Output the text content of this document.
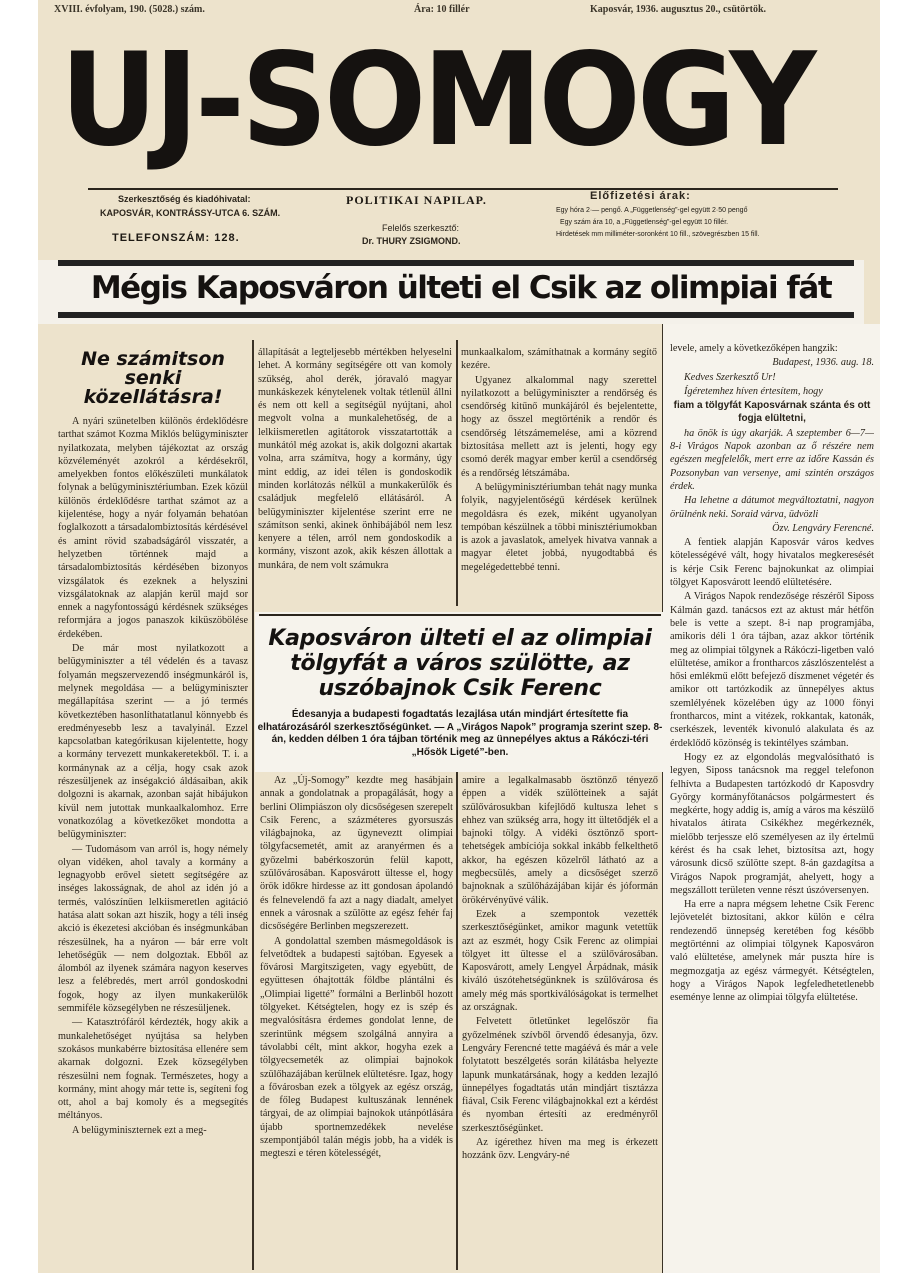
XVIII. évfolyam, 190. (5028.) szám.	Ára: 10 fillér	Kaposvár, 1936. augusztus 20., csütörtök.
UJ-SOMOGY
Szerkesztőség és kiadóhivatal:
KAPOSVÁR, KONTRÁSSY-UTCA 6. SZÁM.
TELEFONSZÁM: 128.
POLITIKAI NAPILAP.
Felelős szerkesztő:
Dr. THURY ZSIGMOND.
Előfizetési árak:
Egy hóra 2·— pengő. A „Függetlenség”-gel együtt 2·50 pengő
Egy szám ára 10, a „Függetlenség”-gel együtt 10 fillér.
Hirdetések mm milliméter-soronként 10 fill., szövegrészben 15 fill.
Mégis Kaposváron ülteti el Csik az olimpiai fát
Ne számitson senki közellátásra!

A nyári szünetelben különös érdeklődésre tarthat számot Kozma Miklós belügyminiszter nyilatkozata, melyben tájékoztat az ország közvéleményét azokról a kérdésekről, amelyekben fontos előkészületi munkálatok folynak a belügyminisztériumban. Ezek közül különös érdeklődésre tarthat számot az a kijelentése, hogy a nyár folyamán behatóan foglalkozott a társadalombiztosítás kérdésével és amint rövid szabadságáról visszatér, a helyzetben történnek majd a társadalombiztosítás kérdésében bizonyos vizsgálatok és ezeknek a helyszini vizsgálatoknak az alapján kerül majd sor ennek a nagyfontosságú kérdésnek szükséges reformjára a jogos panaszok kiküszöbölése érdekében.

De már most nyilatkozott a belügyminiszter a tél védelén és a tavasz folyamán megszervezendő inségmunkáról is, melynek megoldása — a belügyminiszter megállapítása szerint — a jó termés következtében hasonlíthatatlanul könnyebb és eredményesebb lesz a tavalyinál. Ezzel kapcsolatban kategórikusan kijelentette, hogy a kormány tervezett munkakeretekből. T. i. a kormánynak az a célja, hogy csak azok részesüljenek az inségakció áldásaiban, akik dolgozni is akarnak, azonban saját hibájukon kívül nem jutottak munkaalkalomhoz. Erre vonatkozólag a következőket mondotta a belügyminiszter:

— Tudomásom van arról is, hogy némely olyan vidéken, ahol tavaly a kormány a legnagyobb erővel sietett segítségére az inséges lakosságnak, de ahol az idén jó a termés, valószínűen lelkiismeretlen agitáció hatása alatt sokan azt hiszik, hogy a téli inség akció is ékezetesi akcióban és inségmunkában részesülnek, ha a nyáron — bár erre volt lehetőségük — nem dolgoztak. Ebből az álomból az ilyenek számára nagyon keserves lesz a felébredés, mert arról gondoskodni fogok, hogy az ilyen munkakerülők semmiféle közsegélyben ne részesüljenek.

— Katasztrófáról kérdezték, hogy akik a munkalehetőséget nyújtása sa helyben szokásos munkabérre biztosítása ellenére sem akarnak dolgozni. Ezek közsegélyben részesülni nem fognak. Természetes, hogy a kormány, mint ahogy már tette is, segíteni fog ott, ahol a baj komoly és a megsegítés méltányos.

A belügyminiszternek ezt a meg-

állapítását a legteljesebb mértékben helyeselni lehet. A kormány segítségére ott van komoly szükség, ahol derék, jóravaló magyar munkáskezek kénytelenek voltak tétlenül állni és nem ott kell a segítségül nyújtani, ahol megvolt volna a munkalehetőség, de a lelkiismeretlen agitátorok visszatartották a munkától még azokat is, akik dolgozni akartak volna, arra számítva, hogy a kormány, úgy mint eddig, az idei télen is gondoskodik minden korlátozás nélkül a munkakerülők és családjuk megfelelő ellátásáról. A belügyminiszter kijelentése szerint erre ne számítson senki, akinek önhibájából nem lesz kenyere a télen, arról nem gondoskodik a kormány, viszont azok, akik készen állottak a munkára, de nem volt számukra

munkaalkalom, számíthatnak a kormány segítő kezére.

Ugyanez alkalommal nagy szerettel nyilatkozott a belügyminiszter a rendőrség és csendőrség kitűnő munkájáról és bejelentette, hogy az ősszel megtörténik a rendőr és csendőrség létszámemelése, ami a közrend biztosítása mellett azt is jelenti, hogy egy csomó derék magyar ember kerül a csendőrség és a rendőrség létszámába.

A belügyminisztériumban tehát nagy munka folyik, nagyjelentőségű kérdések kerülnek megoldásra és ezek, miként ugyanolyan tempóban készülnek a többi minisztériumokban is azok a javaslatok, amelyek hivatva vannak a magyar életet jobbá, nyugodtabbá és megelégedettebbé tenni.

Kaposváron ülteti el az olimpiai tölgyfát a város szülötte, az uszóbajnok Csik Ferenc
Édesanyja a budapesti fogadtatás lezajlása után mindjárt értesítette fia elhatározásáról szerkesztőségünket. — A „Virágos Napok” programja szerint szep. 8-án, kedden délben 1 óra tájban történik meg az ünnepélyes aktus a Rákóczi-téri „Hősök Ligeté”-ben.

Az „Új-Somogy” kezdte meg hasábjain annak a gondolatnak a propagálását, hogy a berlini Olimpiászon oly dicsőségesen szerepelt Csik Ferenc, a százméteres gyorsuszás világbajnoka, az ügyneveztt olimpiai tölgyfacsemetét, amit az aranyérmen és a győzelmi babérkoszorún felül kapott, szülővárosában. Kaposvárott ültesse el, hogy örök időkre hirdesse az itt gondosan ápolandó és felnevelendő fa azt a nagy diadalt, amelyet ennek a városnak a szülötte az egész fehér faj dicsőségére Berlinben megszerezett.

A gondolattal szemben másmegoldások is felvetődtek a budapesti sajtóban. Egyesek a fővárosi Margitszigeten, vagy egyebütt, de együttesen óhajtották földbe plántálni és „Olimpiai ligetté” formálni a Berlinből hozott tölgyeket. Kétségtelen, hogy ez is szép és megvalósításra érdemes gondolat lenne, de szerintünk mégsem szolgálná annyira a távolabbi célt, mint akkor, hogyha ezek a tölgyecsemeték az olimpiai bajnokok szülőhazájában kerülnek elültetésre. Igaz, hogy a fővárosban ezek a tölgyek az egész ország, de főleg Budapest kultuszának lennének tárgyai, de az olimpiai bajnokok utánpótlására újabb sportnemzedékek nevelése szempontjából talán mégis jobb, ha a vidék is megteszi e téren kötelességét,

amire a legalkalmasabb ösztönző tényező éppen a vidék szülötteinek a saját szülővárosukban kifejlődő kultusza lehet s ehhez van szükség arra, hogy itt ültetődjék el a bajnoki tölgy. A vidéki ösztönző sport-tehetségek ambíciója sokkal inkább felkelthető akkor, ha egészen közelről látható az a megbecsülés, amely a dicsőséget szerző bajnoknak a szülőházájában kijár és jóformán örökérvényűvé válik.

Ezek a szempontok vezették szerkesztőségünket, amikor magunk vetettük azt az eszmét, hogy Csik Ferenc az olimpiai tölgyet itt ültesse el a szülővárosában. Kaposvárott, amely Lengyel Árpádnak, másik kiváló úszótehetségünknek is szülővárosa és amely még más sportkiválóságokat is termelhet az országnak.

Felvetett ötletünket legelőször fia győzelmének szívből örvendő édesanyja, özv. Lengváry Ferencné tette magáévá és már a vele folytatott beszélgetés során kilátásba helyezte lapunk munkatársának, hogy a kedden lezajló ünnepélyes fogadtatás után mindjárt tisztázza fiával, Csik Ferenc világbajnokkal ezt a kérdést és nyomban értesíti az eredményről szerkesztőségünket.

Az ígérethez híven ma meg is érkezett hozzánk özv. Lengváry-né

levele, amely a következőképen hangzik:

Budapest, 1936. aug. 18.

Kedves Szerkesztő Ur!

Ígéretemhez híven értesítem, hogy

fiam a tölgyfát Kaposvárnak szánta és ott fogja elültetni,

ha önök is úgy akarják. A szeptember 6—7—8-i Virágos Napok azonban az ő részére nem egészen megfelelők, mert erre az időre Kassán és Pozsonyban van versenye, ami szintén országos érdek.

Ha lehetne a dátumot megváltoztatni, nagyon örülnénk neki. Soraid várva, üdvözli

Özv. Lengváry Ferencné.

A fentiek alapján Kaposvár város kedves kötelességévé vált, hogy hivatalos megkeresését is kérje Csik Ferenc bajnokunkat az olimpiai tölgyet Kaposvárott leendő elültetésére.

A Virágos Napok rendezősége részéről Siposs Kálmán gazd. tanácsos ezt az aktust már hétfőn bele is vette a szept. 8-i nap programjába, amikoris déli 1 óra tájban, azaz akkor történik meg az olimpiai tölgynek a Rákóczi-ligetben való elültetése, amikor a frontharcos zászlószentelést a hősi emlékmű előtt befejező díszmenet végetér és amikor ott tartózkodik az ünnepélyes aktus szemlélyének közelében úgy az 1000 fönyi frontharcos, mint a vitézek, rokkantak, katonák, cserkészek, leventék kivonuló alakulata és az érdeklődő közönség is tekintélyes számban.

Hogy ez az elgondolás megvalósítható is legyen, Siposs tanácsnok ma reggel telefonon felhívta a Budapesten tartózkodó dr Kaposvdry György kormányfőtanácsos polgármestert és megkérte, hogy addig is, amíg a város ma készülő hivatalos átirata Csikékhez megérkeznék, mielőbb terjessze elő személyesen az ily értelmű kérést és ha csak lehet, biztosítsa azt, hogy városunk dicső szülötte szept. 8-án gazdagítsa a Virágos Napok programját, ahelyett, hogy a megszállott területen venne részt úszóversenyen.

Ha erre a napra mégsem lehetne Csik Ferenc lejövetelét biztosítani, akkor külön e célra rendezendő ünnepség keretében fog később megtörténni az olimpiai tölgynek Kaposváron való elültetése, amelynek már puszta híre is megmozgatja az egész vármegyét. Kétségtelen, hogy a Virágos Napok legfeledhetetlenebb eseménye lenne az olimpiai tölgyfa elültetése.
